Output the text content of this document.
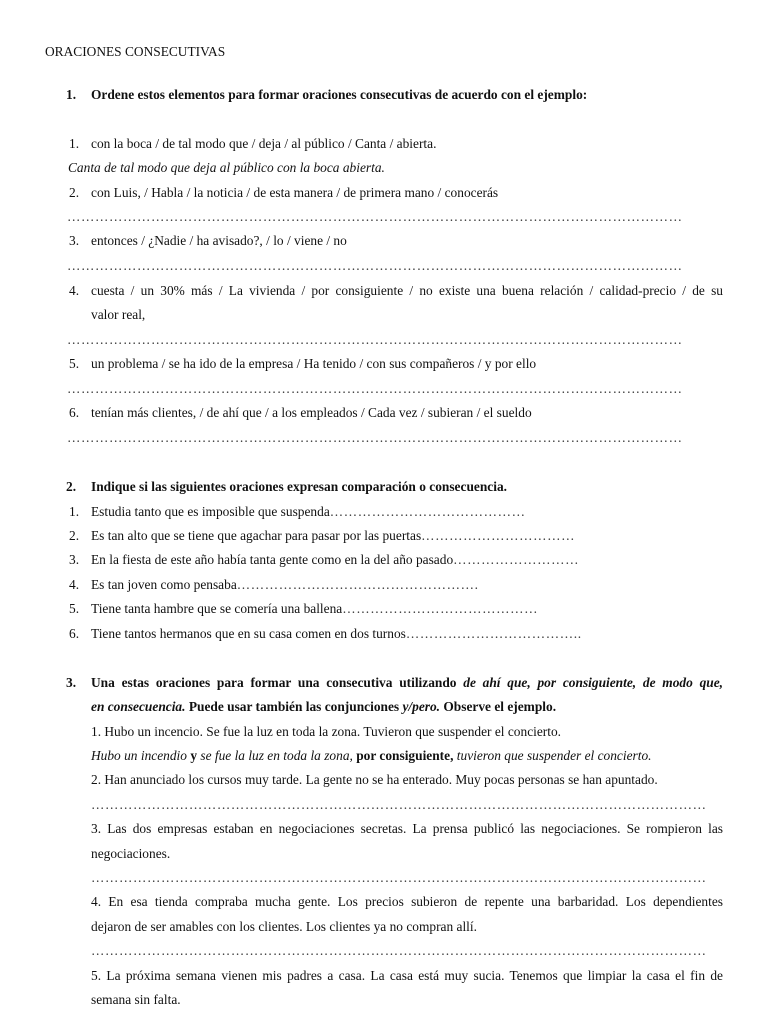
ORACIONES CONSECUTIVAS
1. Ordene estos elementos para formar oraciones consecutivas de acuerdo con el ejemplo:
1. con la boca / de tal modo que / deja / al público / Canta / abierta.
Canta de tal modo que deja al público con la boca abierta.
2. con Luis, / Habla / la noticia / de esta manera / de primera mano / conocerás
……………………………………………………………………………………………………………………
3. entonces / ¿Nadie / ha avisado?, / lo / viene / no
……………………………………………………………………………………………………………………
4. cuesta / un 30% más / La vivienda / por consiguiente / no existe una buena relación / calidad-precio / de su
valor real,
……………………………………………………………………………………………………………………
5. un problema / se ha ido de la empresa / Ha tenido / con sus compañeros / y por ello
……………………………………………………………………………………………………………………
6. tenían más clientes, / de ahí que / a los empleados / Cada vez / subieran / el sueldo
……………………………………………………………………………………………………………………
2. Indique si las siguientes oraciones expresan comparación o consecuencia.
1. Estudia tanto que es imposible que suspenda……………………………………
2. Es tan alto que se tiene que agachar para pasar por las puertas……………………………
3. En la fiesta de este año había tanta gente como en la del año pasado………………………
4. Es tan joven como pensaba…………………………………………….
5. Tiene tanta hambre que se comería una ballena……………………………………
6. Tiene tantos hermanos que en su casa comen en dos turnos………………………………..
3. Una estas oraciones para formar una consecutiva utilizando de ahí que, por consiguiente, de modo que,
en consecuencia. Puede usar también las conjunciones y/pero. Observe el ejemplo.
1. Hubo un incencio. Se fue la luz en toda la zona. Tuvieron que suspender el concierto.
Hubo un incendio y se fue la luz en toda la zona, por consiguiente, tuvieron que suspender el concierto.
2. Han anunciado los cursos muy tarde. La gente no se ha enterado. Muy pocas personas se han apuntado.
……………………………………………………………………………………………………………………
3. Las dos empresas estaban en negociaciones secretas. La prensa publicó las negociaciones. Se rompieron las
negociaciones.
……………………………………………………………………………………………………………………
4. En esa tienda compraba mucha gente. Los precios subieron de repente una barbaridad. Los dependientes
dejaron de ser amables con los clientes. Los clientes ya no compran allí.
……………………………………………………………………………………………………………………
5. La próxima semana vienen mis padres a casa. La casa está muy sucia. Tenemos que limpiar la casa el fin de
semana sin falta.
